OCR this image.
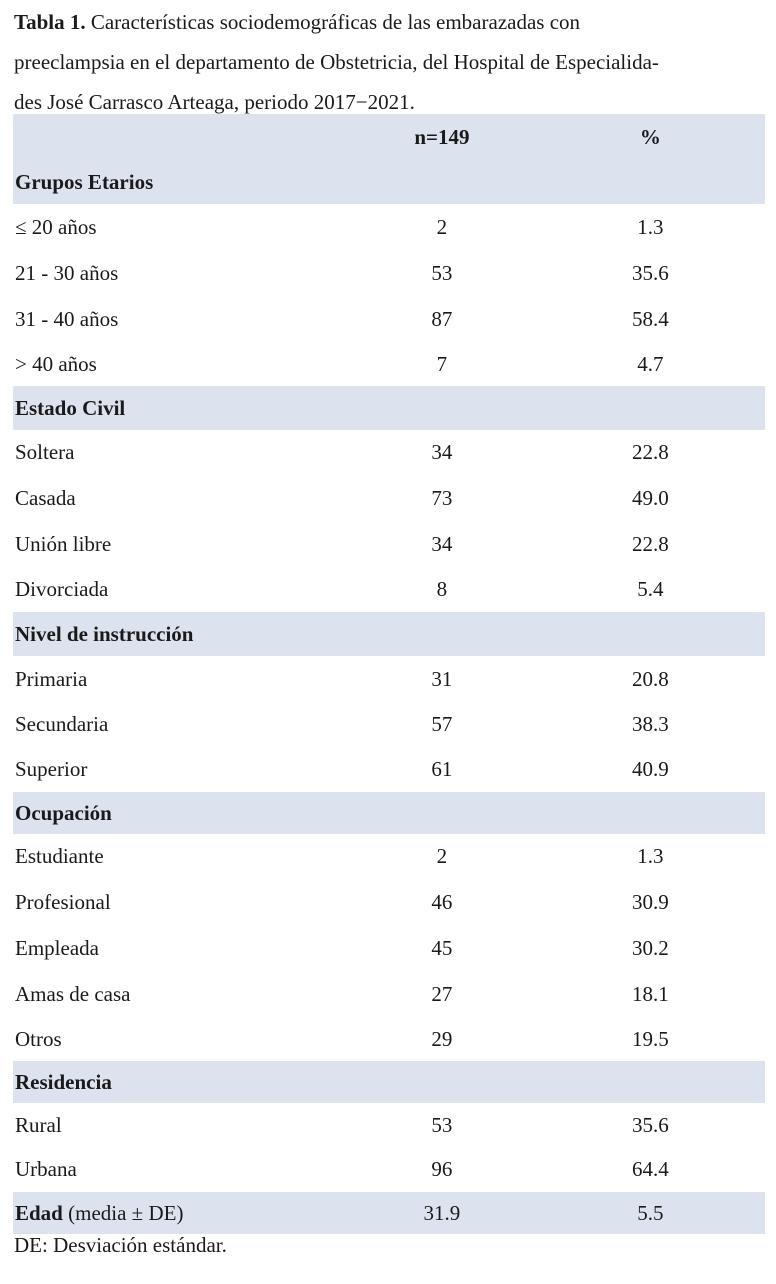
Tabla 1. Características sociodemográficas de las embarazadas con
preeclampsia en el departamento de Obstetricia, del Hospital de Especialida-
des José Carrasco Arteaga, periodo 2017−2021.
	n=149	%
Grupos Etarios		
≤ 20 años	2	1.3
21 - 30 años	53	35.6
31 - 40 años	87	58.4
> 40 años	7	4.7
Estado Civil		
Soltera	34	22.8
Casada	73	49.0
Unión libre	34	22.8
Divorciada	8	5.4
Nivel de instrucción		
Primaria	31	20.8
Secundaria	57	38.3
Superior	61	40.9
Ocupación		
Estudiante	2	1.3
Profesional	46	30.9
Empleada	45	30.2
Amas de casa	27	18.1
Otros	29	19.5
Residencia		
Rural	53	35.6
Urbana	96	64.4
Edad (media ± DE)	31.9	5.5
DE: Desviación estándar.
